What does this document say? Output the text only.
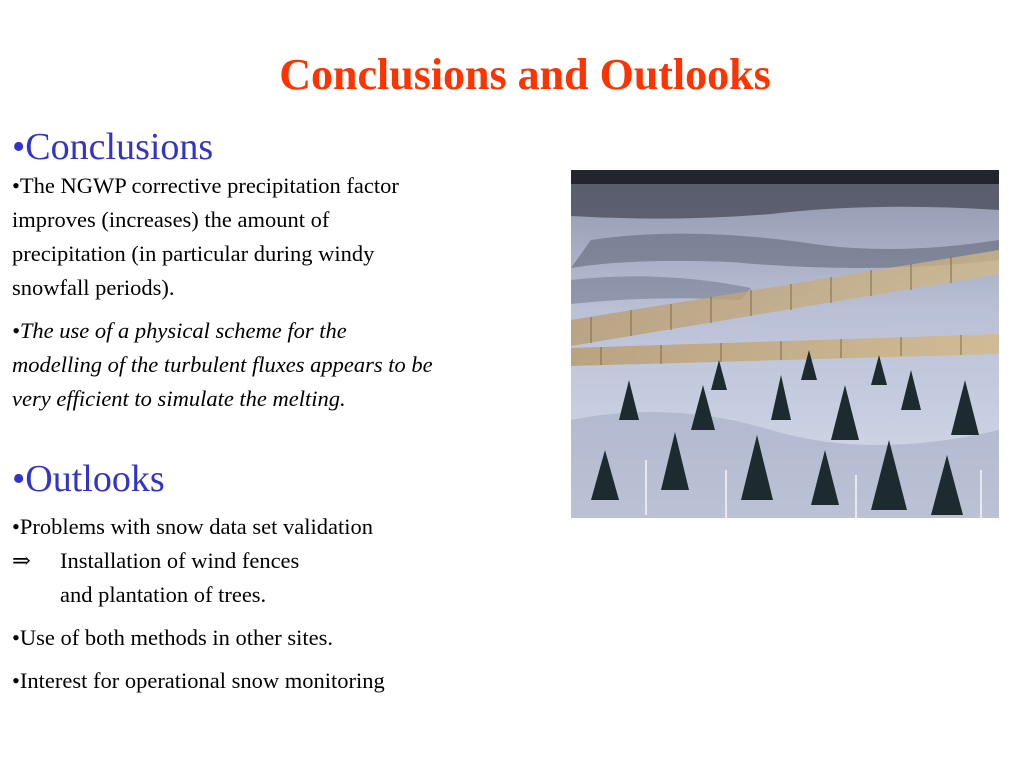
Conclusions and Outlooks
•Conclusions
•The NGWP corrective precipitation factor
improves (increases) the amount of
precipitation (in particular during windy
snowfall periods).
•The use of a physical scheme for the
modelling of the turbulent fluxes appears to be
very efficient to simulate the melting.
•Outlooks
•Problems with snow data set validation
⇒ Installation of wind fences
and plantation of trees.
•Use of both methods in other sites.
•Interest for operational snow monitoring
